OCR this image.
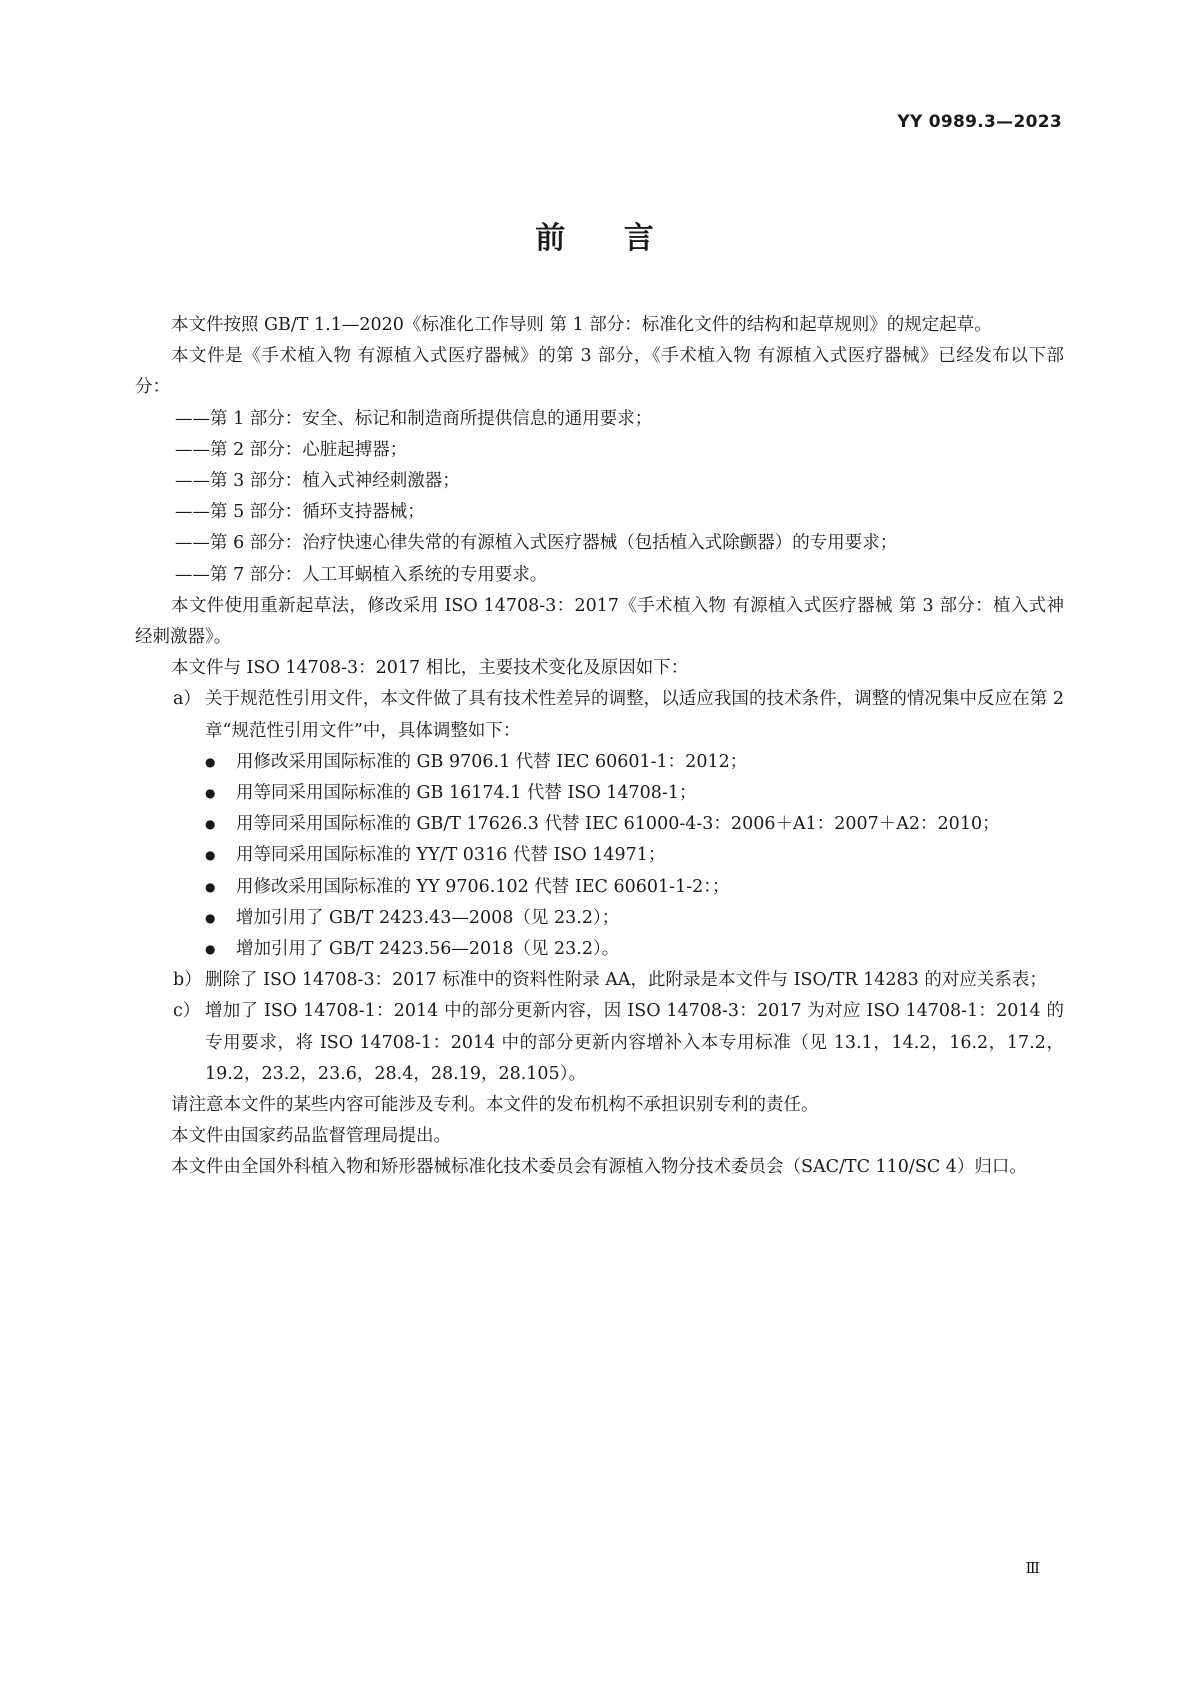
YY 0989.3—2023
前 言

本文件按照 GB/T 1.1—2020《标准化工作导则 第 1 部分：标准化文件的结构和起草规则》的规定起草。

本文件是《手术植入物 有源植入式医疗器械》的第 3 部分，《手术植入物 有源植入式医疗器械》已经发布以下部分：

——第 1 部分：安全、标记和制造商所提供信息的通用要求；

——第 2 部分：心脏起搏器；

——第 3 部分：植入式神经刺激器；

——第 5 部分：循环支持器械；

——第 6 部分：治疗快速心律失常的有源植入式医疗器械（包括植入式除颤器）的专用要求；

——第 7 部分：人工耳蜗植入系统的专用要求。

本文件使用重新起草法，修改采用 ISO 14708-3：2017《手术植入物 有源植入式医疗器械 第 3 部分：植入式神经刺激器》。

本文件与 ISO 14708-3：2017 相比，主要技术变化及原因如下：

a） 关于规范性引用文件，本文件做了具有技术性差异的调整，以适应我国的技术条件，调整的情况集中反应在第 2 章“规范性引用文件”中，具体调整如下：
●	用修改采用国际标准的 GB 9706.1 代替 IEC 60601-1：2012；
●	用等同采用国际标准的 GB 16174.1 代替 ISO 14708-1；
●	用等同采用国际标准的 GB/T 17626.3 代替 IEC 61000-4-3：2006＋A1：2007＋A2：2010；
●	用等同采用国际标准的 YY/T 0316 代替 ISO 14971；
●	用修改采用国际标准的 YY 9706.102 代替 IEC 60601-1-2：；
●	增加引用了 GB/T 2423.43—2008（见 23.2）；
●	增加引用了 GB/T 2423.56—2018（见 23.2）。
b） 删除了 ISO 14708-3：2017 标准中的资料性附录 AA，此附录是本文件与 ISO/TR 14283 的对应关系表；
c） 增加了 ISO 14708-1：2014 中的部分更新内容，因 ISO 14708-3：2017 为对应 ISO 14708-1：2014 的专用要求，将 ISO 14708-1：2014 中的部分更新内容增补入本专用标准（见 13.1，14.2，16.2，17.2，19.2，23.2，23.6，28.4，28.19，28.105）。

请注意本文件的某些内容可能涉及专利。本文件的发布机构不承担识别专利的责任。

本文件由国家药品监督管理局提出。

本文件由全国外科植入物和矫形器械标准化技术委员会有源植入物分技术委员会（SAC/TC 110/SC 4）归口。

Ⅲ
